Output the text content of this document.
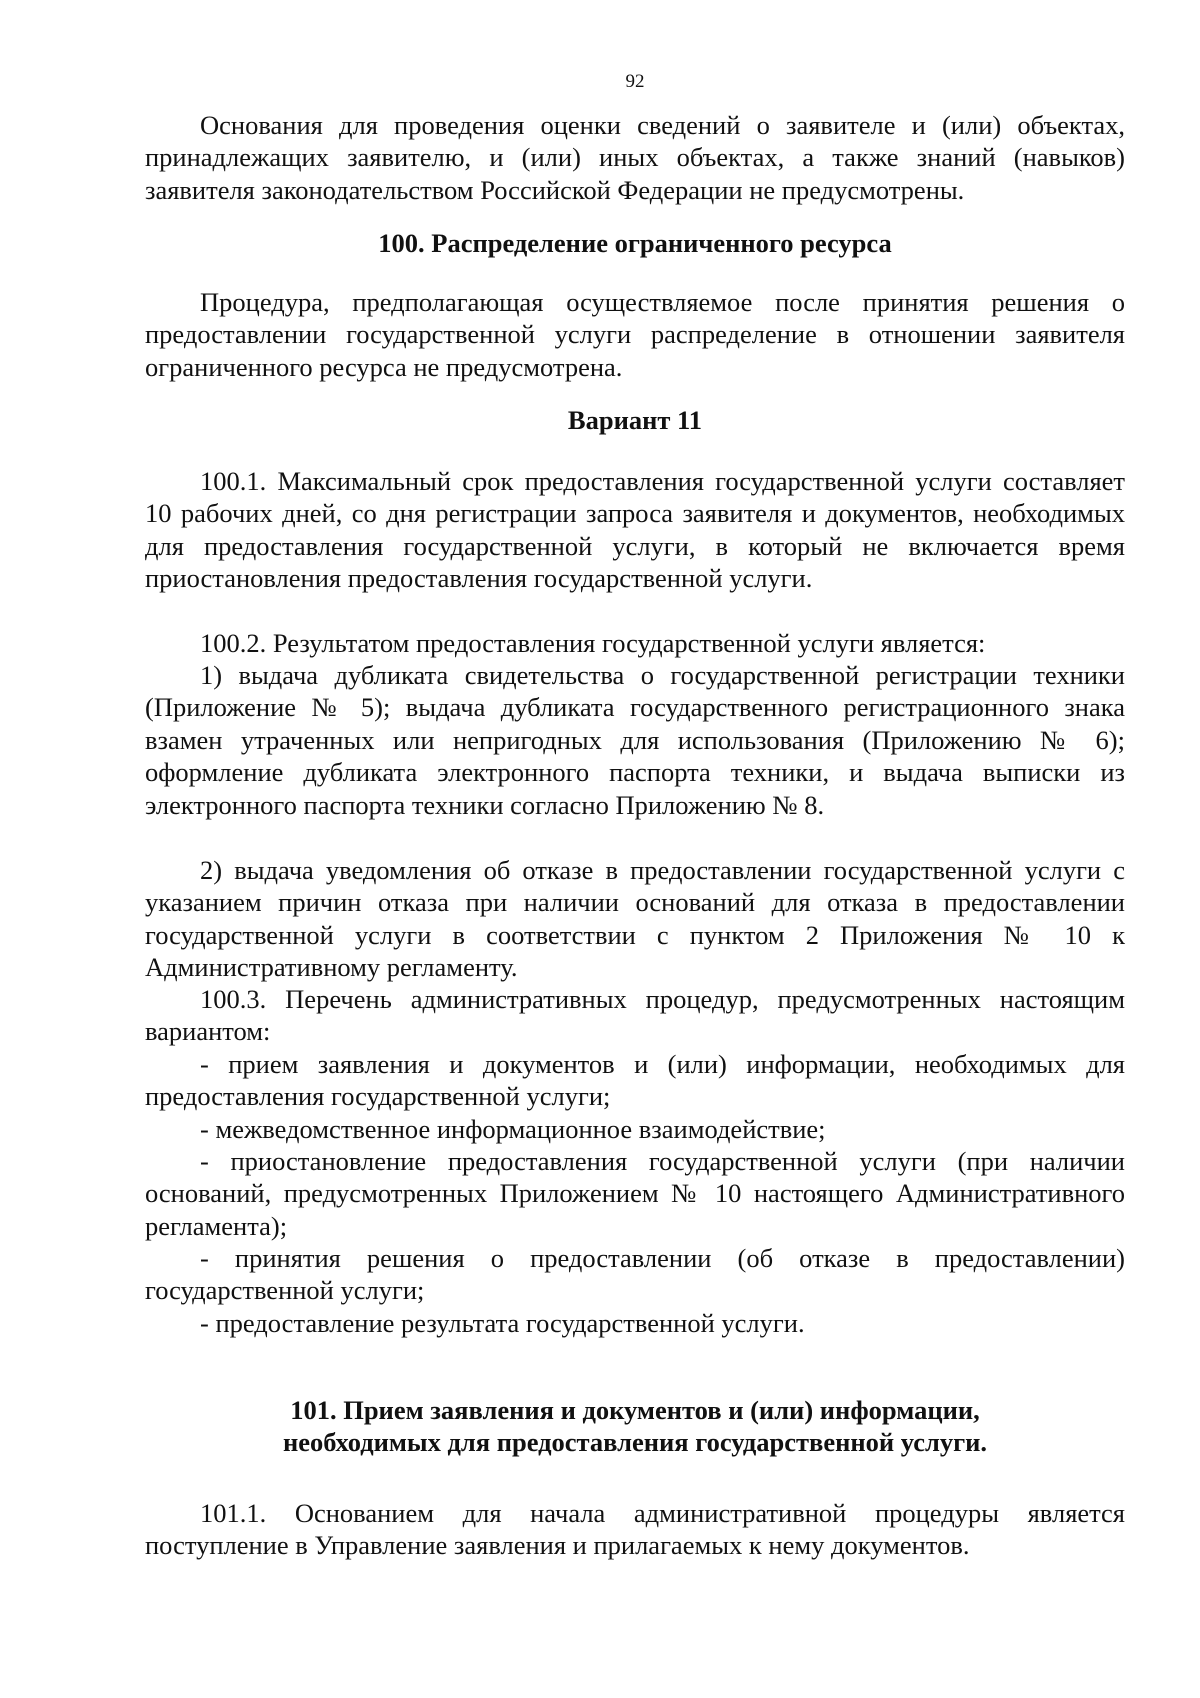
92

Основания для проведения оценки сведений о заявителе и (или) объектах, принадлежащих заявителю, и (или) иных объектах, а также знаний (навыков) заявителя законодательством Российской Федерации не предусмотрены.

100. Распределение ограниченного ресурса

Процедура, предполагающая осуществляемое после принятия решения о предоставлении государственной услуги распределение в отношении заявителя ограниченного ресурса не предусмотрена.

Вариант 11

100.1. Максимальный срок предоставления государственной услуги составляет 10 рабочих дней, со дня регистрации запроса заявителя и документов, необходимых для предоставления государственной услуги, в который не включается время приостановления предоставления государственной услуги.

100.2. Результатом предоставления государственной услуги является:

1) выдача дубликата свидетельства о государственной регистрации техники (Приложение № 5); выдача дубликата государственного регистрационного знака взамен утраченных или непригодных для использования (Приложению № 6); оформление дубликата электронного паспорта техники, и выдача выписки из электронного паспорта техники согласно Приложению № 8.

2) выдача уведомления об отказе в предоставлении государственной услуги с указанием причин отказа при наличии оснований для отказа в предоставлении государственной услуги в соответствии с пунктом 2 Приложения № 10 к Административному регламенту.

100.3. Перечень административных процедур, предусмотренных настоящим вариантом:

- прием заявления и документов и (или) информации, необходимых для предоставления государственной услуги;

- межведомственное информационное взаимодействие;

- приостановление предоставления государственной услуги (при наличии оснований, предусмотренных Приложением № 10 настоящего Административного регламента);

- принятия решения о предоставлении (об отказе в предоставлении) государственной услуги;

- предоставление результата государственной услуги.

101. Прием заявления и документов и (или) информации,
необходимых для предоставления государственной услуги.

101.1. Основанием для начала административной процедуры является поступление в Управление заявления и прилагаемых к нему документов.
